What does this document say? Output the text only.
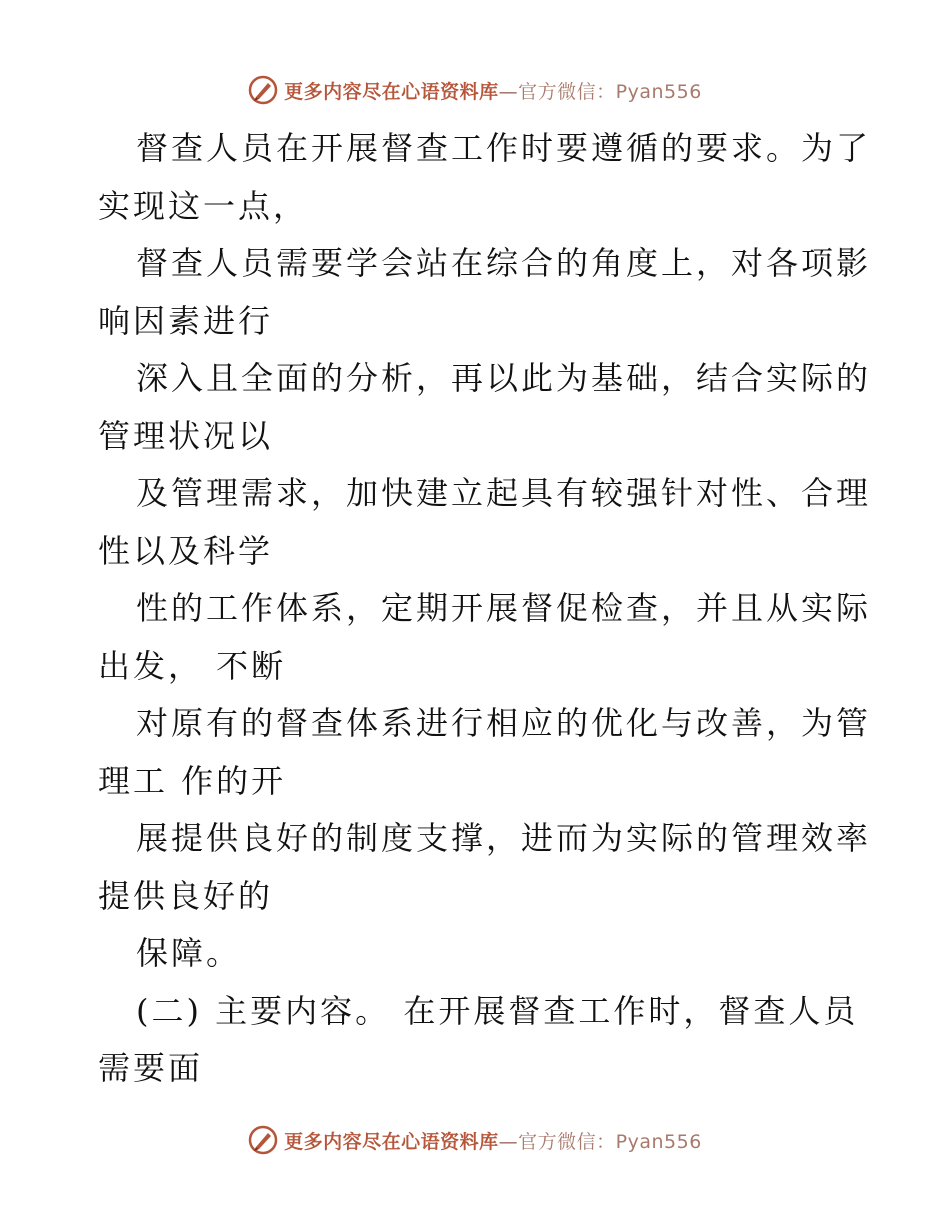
更多内容尽在心语资料库—官方微信：Pyan556
督查人员在开展督查工作时要遵循的要求。为了
实现这一点，
督查人员需要学会站在综合的角度上，对各项影
响因素进行
深入且全面的分析，再以此为基础，结合实际的
管理状况以
及管理需求，加快建立起具有较强针对性、合理
性以及科学
性的工作体系，定期开展督促检查，并且从实际
出发， 不断
对原有的督查体系进行相应的优化与改善，为管
理工 作的开
展提供良好的制度支撑，进而为实际的管理效率
提供良好的
保障。
(二) 主要内容。 在开展督查工作时，督查人员
需要面
更多内容尽在心语资料库—官方微信：Pyan556
